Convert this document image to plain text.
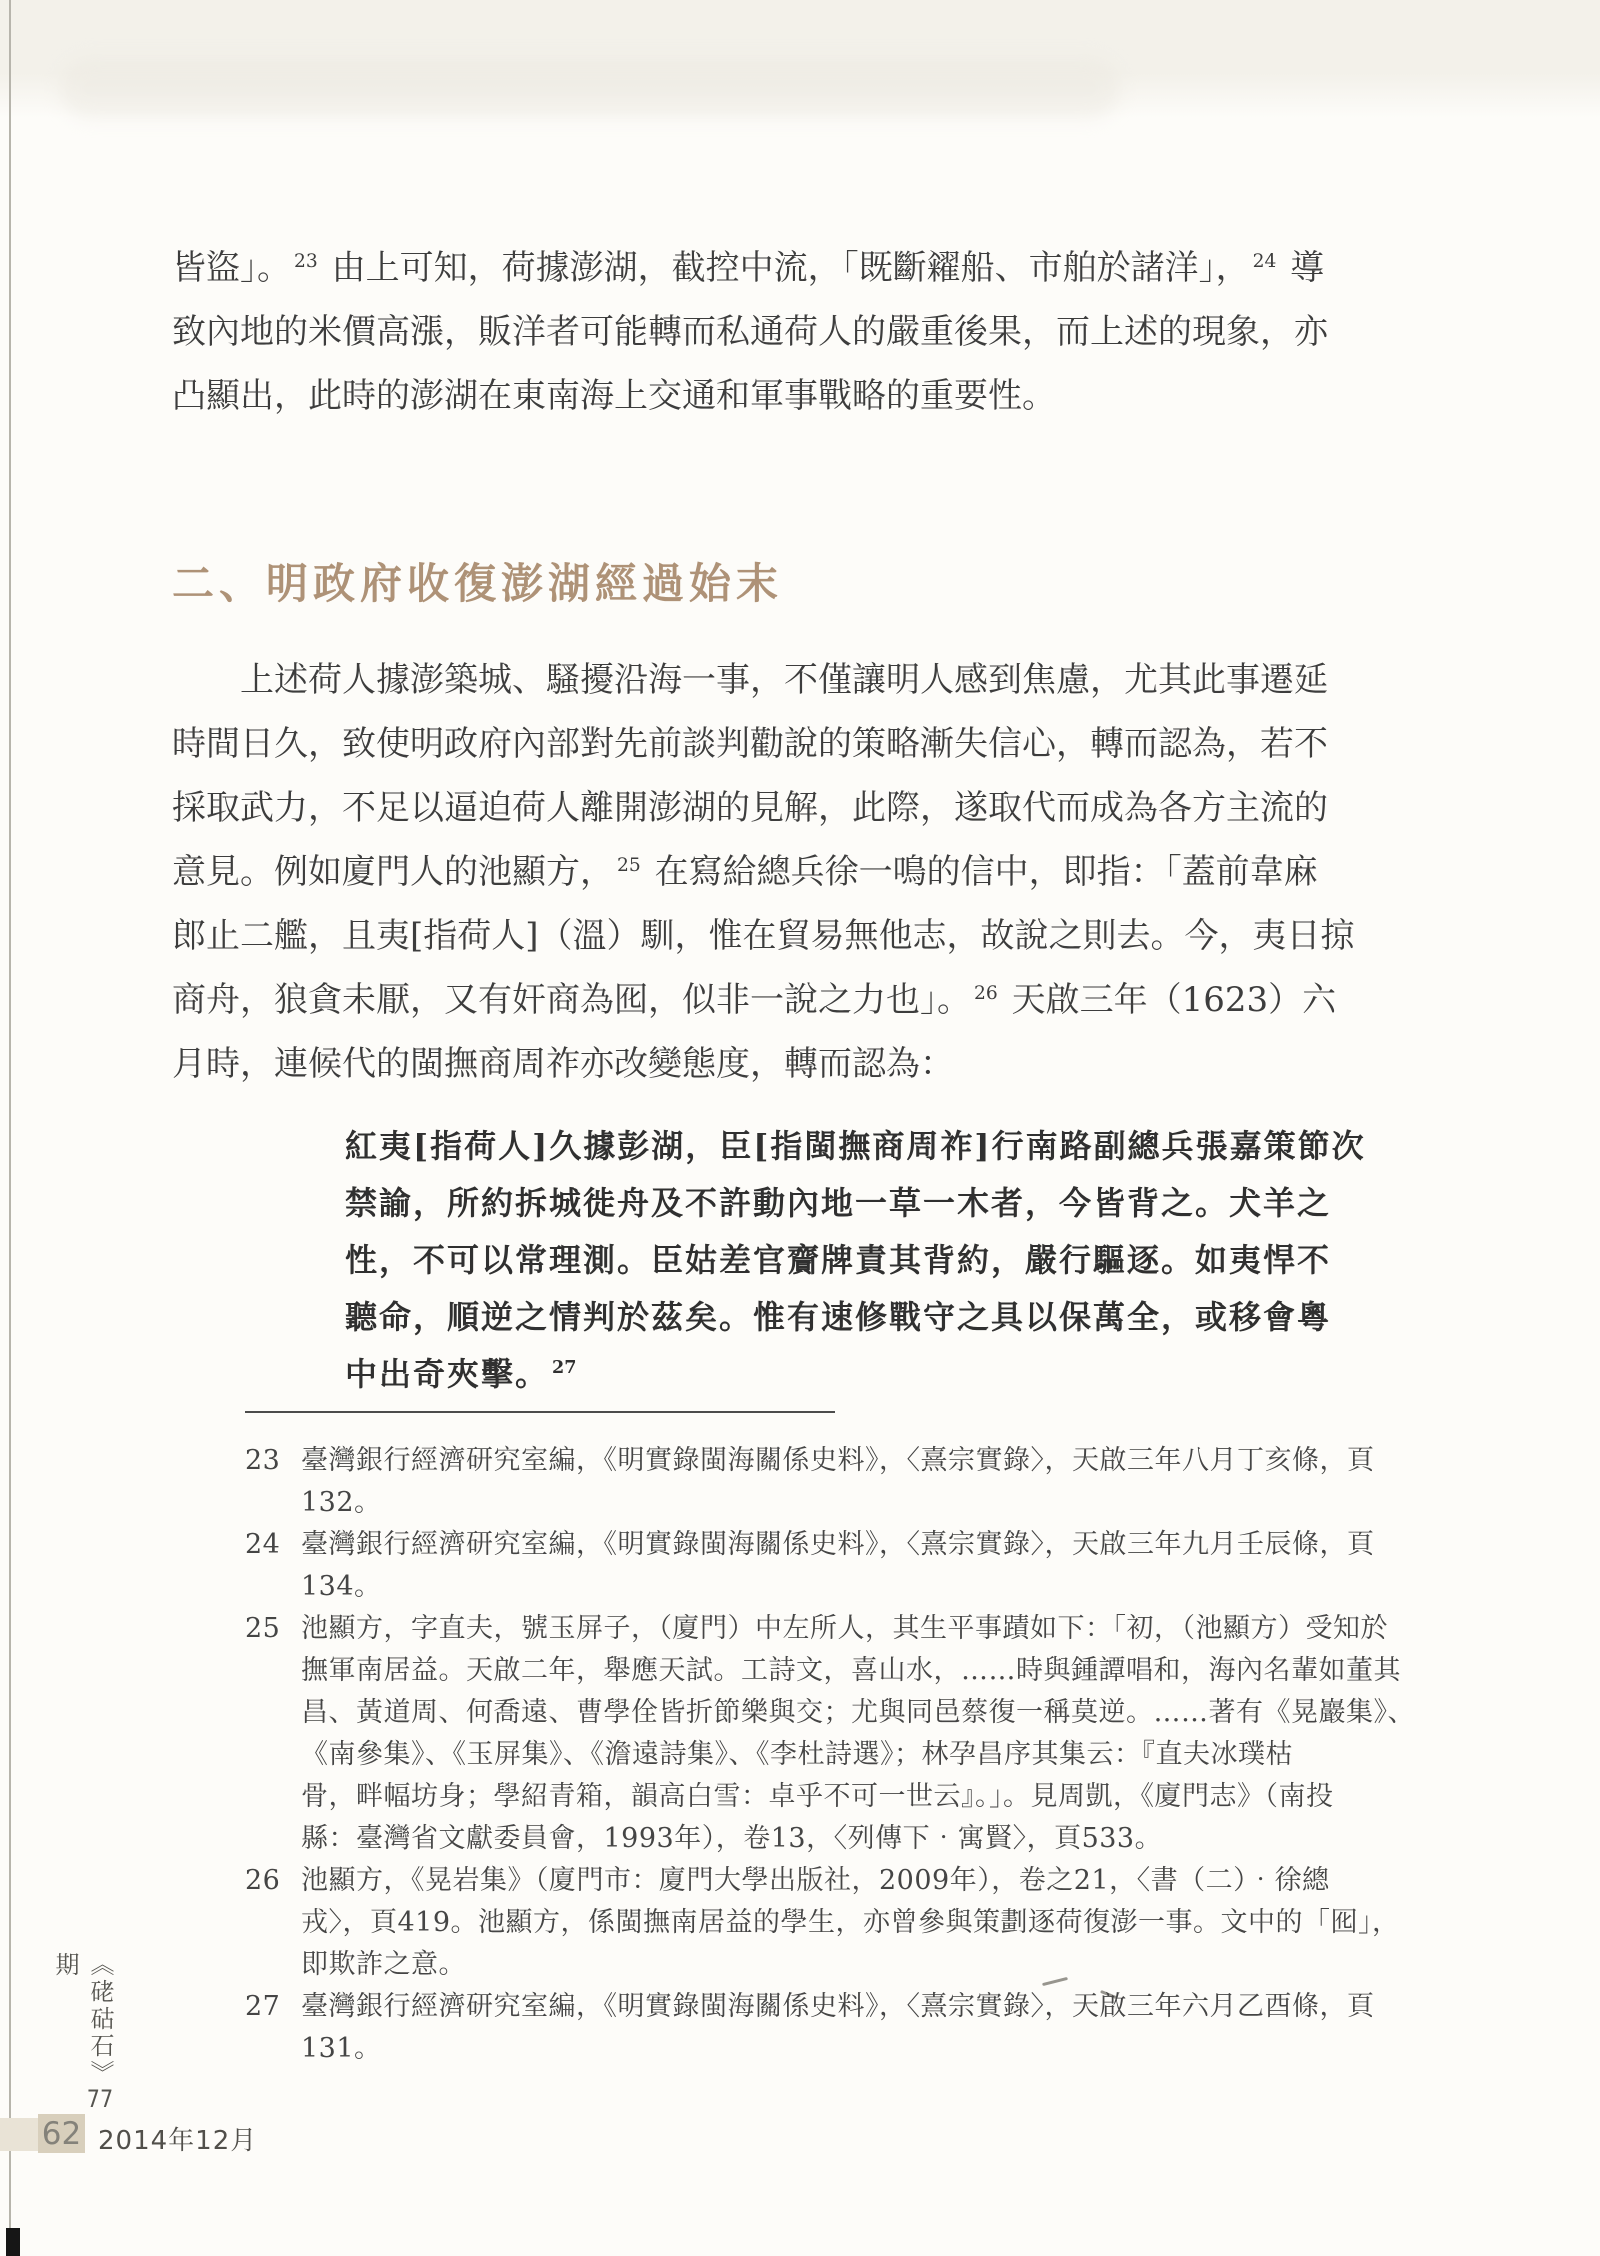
皆盜」。 $^{23}$ 由上可知，荷據澎湖，截控中流，「既斷糴船、市舶於諸洋」， $^{24}$ 導
致內地的米價高漲，販洋者可能轉而私通荷人的嚴重後果，而上述的現象，亦
凸顯出，此時的澎湖在東南海上交通和軍事戰略的重要性。
二、明政府收復澎湖經過始末
上述荷人據澎築城、騷擾沿海一事，不僅讓明人感到焦慮，尤其此事遷延
時間日久，致使明政府內部對先前談判勸說的策略漸失信心，轉而認為，若不
採取武力，不足以逼迫荷人離開澎湖的見解，此際，遂取代而成為各方主流的
意見。例如廈門人的池顯方， $^{25}$ 在寫給總兵徐一鳴的信中，即指：「蓋前韋麻
郎止二艦，且夷[指荷人]（溫）馴，惟在貿易無他志，故說之則去。今，夷日掠
商舟，狼貪未厭，又有奸商為囮，似非一說之力也」。 $^{26}$ 天啟三年（1623）六
月時，連候代的閩撫商周祚亦改變態度，轉而認為：
紅夷[指荷人]久據彭湖，臣[指閩撫商周祚]行南路副總兵張嘉策節次
禁諭，所約拆城徙舟及不許動內地一草一木者，今皆背之。犬羊之
性，不可以常理測。臣姑差官齎牌責其背約，嚴行驅逐。如夷悍不
聽命，順逆之情判於茲矣。惟有速修戰守之具以保萬全，或移會粵
中出奇夾擊。 $^{27}$
23 臺灣銀行經濟研究室編，《明實錄閩海關係史料》，〈熹宗實錄〉，天啟三年八月丁亥條，頁
132。
24 臺灣銀行經濟研究室編，《明實錄閩海關係史料》，〈熹宗實錄〉，天啟三年九月壬辰條，頁
134。
25 池顯方，字直夫，號玉屏子，（廈門）中左所人，其生平事蹟如下：「初，（池顯方）受知於
撫軍南居益。天啟二年，舉應天試。工詩文，喜山水，……時與鍾譚唱和，海內名輩如董其
昌、黃道周、何喬遠、曹學佺皆折節樂與交；尤與同邑蔡復一稱莫逆。……著有《晃巖集》、
《南參集》、《玉屏集》、《澹遠詩集》、《李杜詩選》；林孕昌序其集云：『直夫冰璞枯
骨，畔幅坊身；學紹青箱，韻高白雪：卓乎不可一世云』。」。見周凱，《廈門志》（南投
縣：臺灣省文獻委員會，1993年），卷13，〈列傳下‧寓賢〉，頁533。
26 池顯方，《晃岩集》（廈門市：廈門大學出版社，2009年），卷之21，〈書（二）‧徐總
戎〉，頁419。池顯方，係閩撫南居益的學生，亦曾參與策劃逐荷復澎一事。文中的「囮」，
即欺詐之意。
27 臺灣銀行經濟研究室編，《明實錄閩海關係史料》，〈熹宗實錄〉，天啟三年六月乙酉條，頁
131。
《硓𥑮石》77期
62 2014年12月
